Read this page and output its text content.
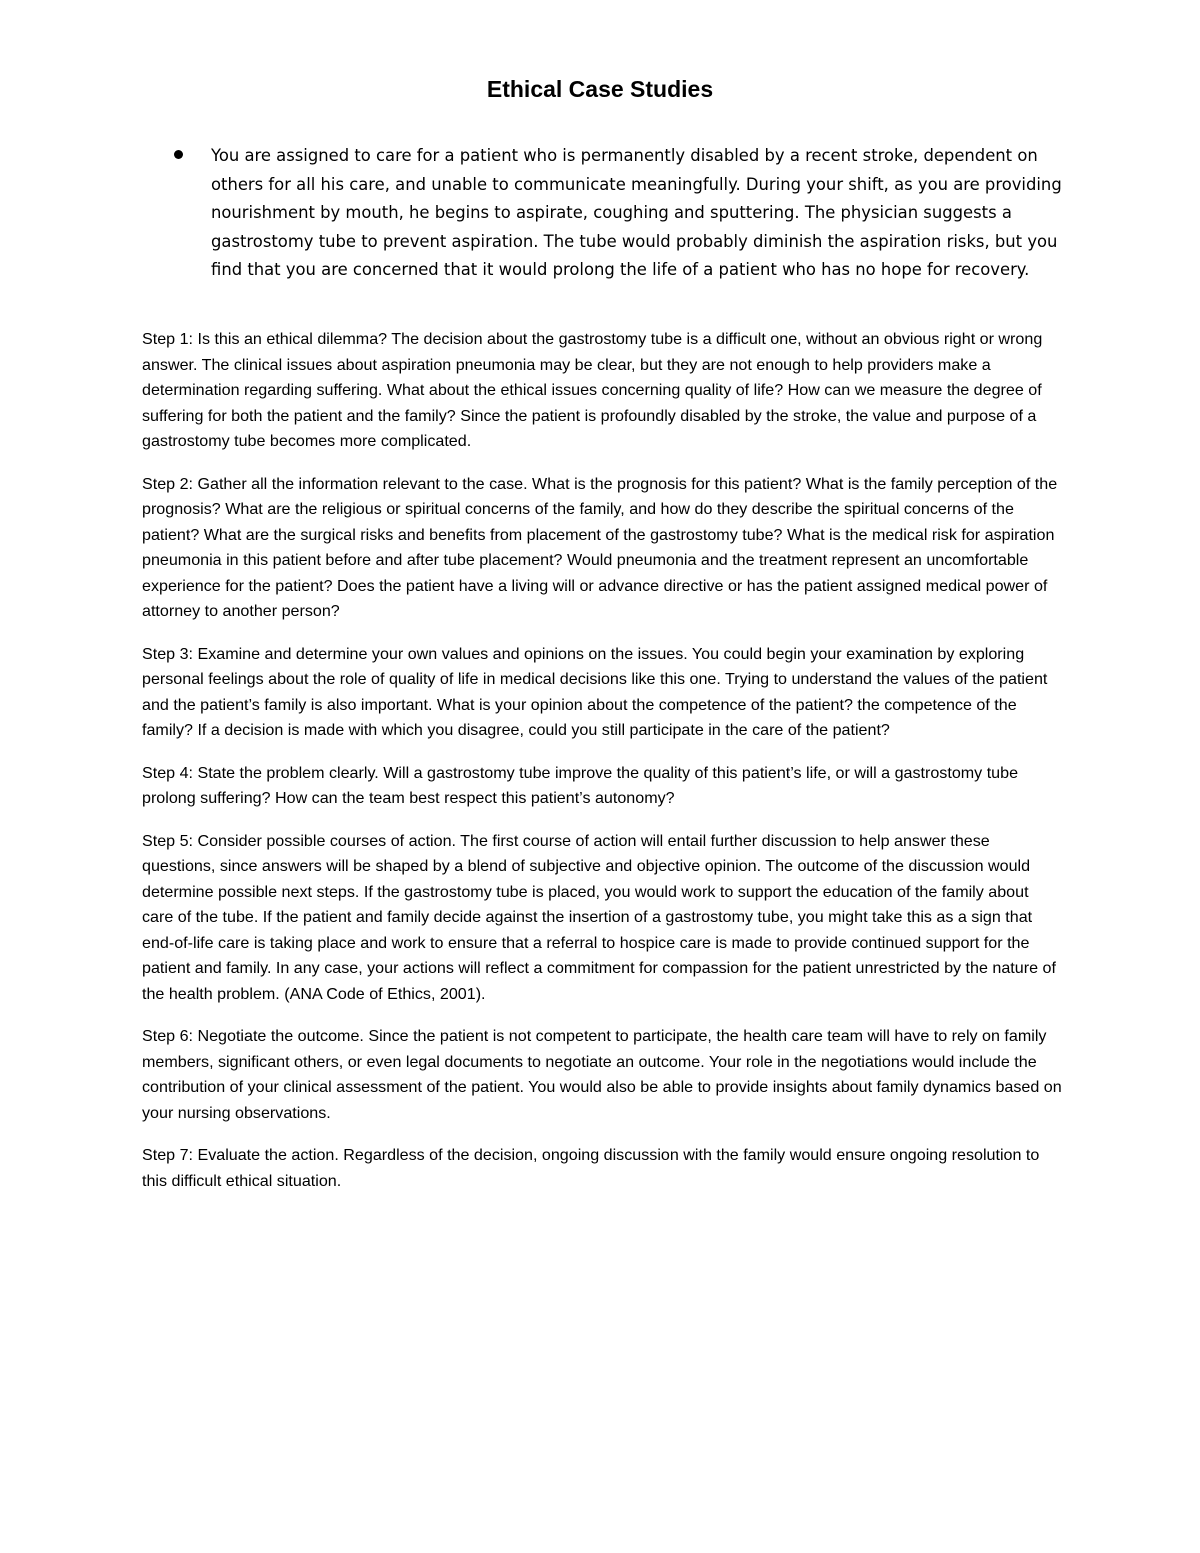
Ethical Case Studies
You are assigned to care for a patient who is permanently disabled by a recent stroke, dependent on others for all his care, and unable to communicate meaningfully. During your shift, as you are providing nourishment by mouth, he begins to aspirate, coughing and sputtering. The physician suggests a gastrostomy tube to prevent aspiration. The tube would probably diminish the aspiration risks, but you find that you are concerned that it would prolong the life of a patient who has no hope for recovery.

Step 1: Is this an ethical dilemma? The decision about the gastrostomy tube is a difficult one, without an obvious right or wrong answer. The clinical issues about aspiration pneumonia may be clear, but they are not enough to help providers make a determination regarding suffering. What about the ethical issues concerning quality of life? How can we measure the degree of suffering for both the patient and the family? Since the patient is profoundly disabled by the stroke, the value and purpose of a gastrostomy tube becomes more complicated.

Step 2: Gather all the information relevant to the case. What is the prognosis for this patient? What is the family perception of the prognosis? What are the religious or spiritual concerns of the family, and how do they describe the spiritual concerns of the patient? What are the surgical risks and benefits from placement of the gastrostomy tube? What is the medical risk for aspiration pneumonia in this patient before and after tube placement? Would pneumonia and the treatment represent an uncomfortable experience for the patient? Does the patient have a living will or advance directive or has the patient assigned medical power of attorney to another person?

Step 3: Examine and determine your own values and opinions on the issues. You could begin your examination by exploring personal feelings about the role of quality of life in medical decisions like this one. Trying to understand the values of the patient and the patient’s family is also important. What is your opinion about the competence of the patient? the competence of the family? If a decision is made with which you disagree, could you still participate in the care of the patient?

Step 4: State the problem clearly. Will a gastrostomy tube improve the quality of this patient’s life, or will a gastrostomy tube prolong suffering? How can the team best respect this patient’s autonomy?

Step 5: Consider possible courses of action. The first course of action will entail further discussion to help answer these questions, since answers will be shaped by a blend of subjective and objective opinion. The outcome of the discussion would determine possible next steps. If the gastrostomy tube is placed, you would work to support the education of the family about care of the tube. If the patient and family decide against the insertion of a gastrostomy tube, you might take this as a sign that end-of-life care is taking place and work to ensure that a referral to hospice care is made to provide continued support for the patient and family. In any case, your actions will reflect a commitment for compassion for the patient unrestricted by the nature of the health problem. (ANA Code of Ethics, 2001).

Step 6: Negotiate the outcome. Since the patient is not competent to participate, the health care team will have to rely on family members, significant others, or even legal documents to negotiate an outcome. Your role in the negotiations would include the contribution of your clinical assessment of the patient. You would also be able to provide insights about family dynamics based on your nursing observations.

Step 7: Evaluate the action. Regardless of the decision, ongoing discussion with the family would ensure ongoing resolution to this difficult ethical situation.
